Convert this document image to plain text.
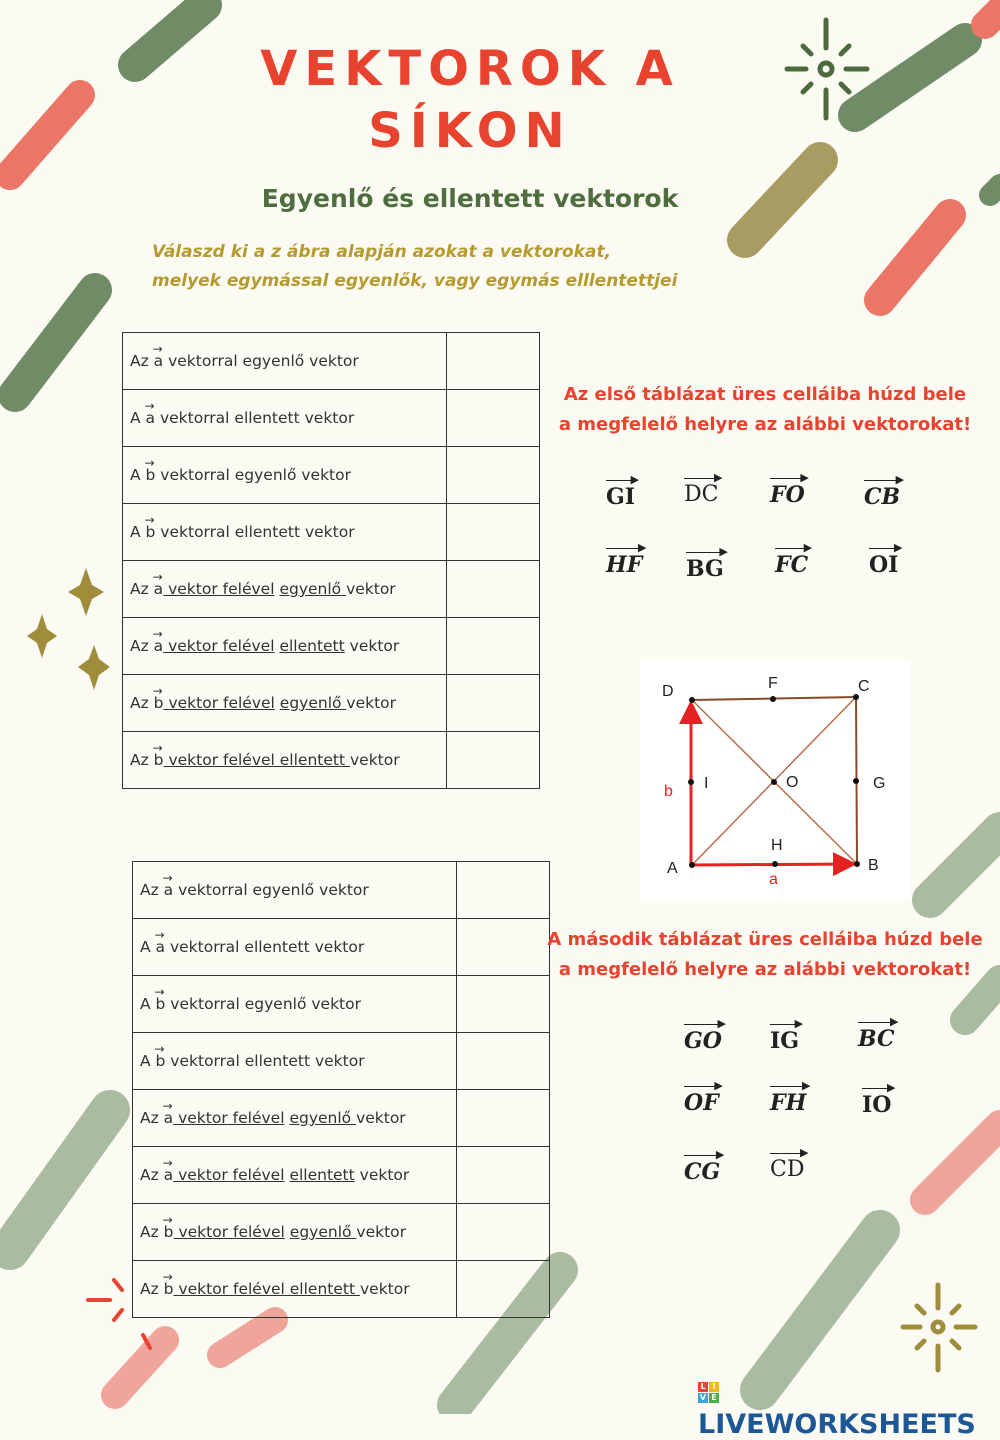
VEKTOROK A SÍKON
Egyenlő és ellentett vektorok
Válaszd ki a z ábra alapján azokat a vektorokat,
melyek egymással egyenlők, vagy egymás elllentettjei
Az → a vektorral egyenlő vektor	
A → a vektorral ellentett vektor	
A → b vektorral egyenlő vektor	
A → b vektorral ellentett vektor	
Az → a vektor felével egyenlő vektor	
Az → a vektor felével ellentett vektor	
Az → b vektor felével egyenlő vektor	
Az → b vektor felével ellentett vektor	
Az → a vektorral egyenlő vektor	
A → a vektorral ellentett vektor	
A → b vektorral egyenlő vektor	
A → b vektorral ellentett vektor	
Az → a vektor felével egyenlő vektor	
Az → a vektor felével ellentett vektor	
Az → b vektor felével egyenlő vektor	
Az → b vektor felével ellentett vektor	
Az első táblázat üres celláiba húzd bele
a megfelelő helyre az alábbi vektorokat!
▶
GI
▶
DC
▶
FO
▶
CB
▶
HF
▶
BG
▶
FC
▶
OI
D	F	C
I	O	G
A
H
B
a
b
A második táblázat üres celláiba húzd bele
a megfelelő helyre az alábbi vektorokat!
▶
GO
▶
IG
▶
BC
▶
OF
▶
FH
▶
IO
▶
CG
▶
CD
L I
V E
LIVEWORKSHEETS
